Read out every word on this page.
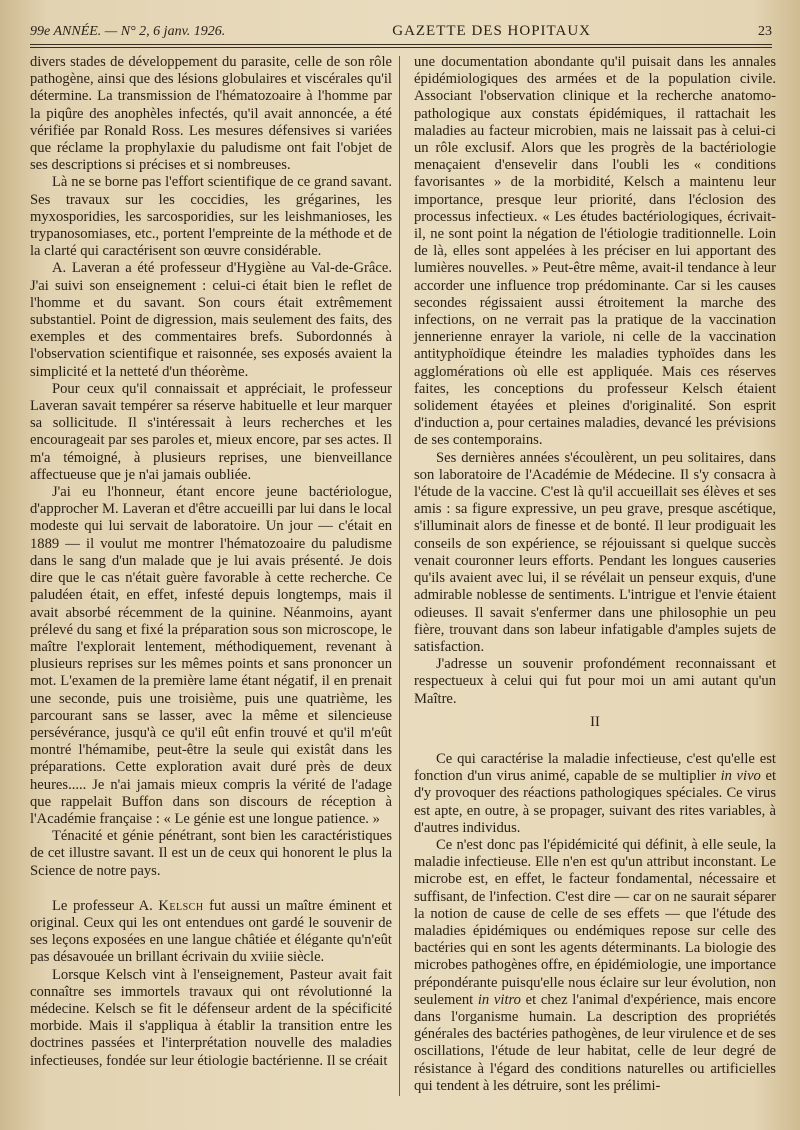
99e ANNÉE. — N° 2, 6 janv. 1926.	GAZETTE DES HOPITAUX	23

divers stades de développement du parasite, celle de son rôle pathogène, ainsi que des lésions globulaires et viscérales qu'il détermine. La transmission de l'hématozoaire à l'homme par la piqûre des anophèles infectés, qu'il avait annoncée, a été vérifiée par Ronald Ross. Les mesures défensives si variées que réclame la prophylaxie du paludisme ont fait l'objet de ses descriptions si précises et si nombreuses.

Là ne se borne pas l'effort scientifique de ce grand savant. Ses travaux sur les coccidies, les grégarines, les myxosporidies, les sarcosporidies, sur les leishmanioses, les trypanosomiases, etc., portent l'empreinte de la méthode et de la clarté qui caractérisent son œuvre considérable.

A. Laveran a été professeur d'Hygiène au Val-de-Grâce. J'ai suivi son enseignement : celui-ci était bien le reflet de l'homme et du savant. Son cours était extrêmement substantiel. Point de digression, mais seulement des faits, des exemples et des commentaires brefs. Subordonnés à l'observation scientifique et raisonnée, ses exposés avaient la simplicité et la netteté d'un théorème.

Pour ceux qu'il connaissait et appréciait, le professeur Laveran savait tempérer sa réserve habituelle et leur marquer sa sollicitude. Il s'intéressait à leurs recherches et les encourageait par ses paroles et, mieux encore, par ses actes. Il m'a témoigné, à plusieurs reprises, une bienveillance affectueuse que je n'ai jamais oubliée.

J'ai eu l'honneur, étant encore jeune bactériologue, d'approcher M. Laveran et d'être accueilli par lui dans le local modeste qui lui servait de laboratoire. Un jour — c'était en 1889 — il voulut me montrer l'hématozoaire du paludisme dans le sang d'un malade que je lui avais présenté. Je dois dire que le cas n'était guère favorable à cette recherche. Ce paludéen était, en effet, infesté depuis longtemps, mais il avait absorbé récemment de la quinine. Néanmoins, ayant prélevé du sang et fixé la préparation sous son microscope, le maître l'explorait lentement, méthodiquement, revenant à plusieurs reprises sur les mêmes points et sans prononcer un mot. L'examen de la première lame étant négatif, il en prenait une seconde, puis une troisième, puis une quatrième, les parcourant sans se lasser, avec la même et silencieuse persévérance, jusqu'à ce qu'il eût enfin trouvé et qu'il m'eût montré l'hémamibe, peut-être la seule qui existât dans les préparations. Cette exploration avait duré près de deux heures..... Je n'ai jamais mieux compris la vérité de l'adage que rappelait Buffon dans son discours de réception à l'Académie française : « Le génie est une longue patience. »

Ténacité et génie pénétrant, sont bien les caractéristiques de cet illustre savant. Il est un de ceux qui honorent le plus la Science de notre pays.

Le professeur A. Kelsch fut aussi un maître éminent et original. Ceux qui les ont entendues ont gardé le souvenir de ses leçons exposées en une langue châtiée et élégante qu'n'eût pas désavouée un brillant écrivain du xviiie siècle.

Lorsque Kelsch vint à l'enseignement, Pasteur avait fait connaître ses immortels travaux qui ont révolutionné la médecine. Kelsch se fit le défenseur ardent de la spécificité morbide. Mais il s'appliqua à établir la transition entre les doctrines passées et l'interprétation nouvelle des maladies infectieuses, fondée sur leur étiologie bactérienne. Il se créait

une documentation abondante qu'il puisait dans les annales épidémiologiques des armées et de la population civile. Associant l'observation clinique et la recherche anatomo-pathologique aux constats épidémiques, il rattachait les maladies au facteur microbien, mais ne laissait pas à celui-ci un rôle exclusif. Alors que les progrès de la bactériologie menaçaient d'ensevelir dans l'oubli les « conditions favorisantes » de la morbidité, Kelsch a maintenu leur importance, presque leur priorité, dans l'éclosion des processus infectieux. « Les études bactériologiques, écrivait-il, ne sont point la négation de l'étiologie traditionnelle. Loin de là, elles sont appelées à les préciser en lui apportant des lumières nouvelles. » Peut-être même, avait-il tendance à leur accorder une influence trop prédominante. Car si les causes secondes régissaient aussi étroitement la marche des infections, on ne verrait pas la pratique de la vaccination jennerienne enrayer la variole, ni celle de la vaccination antityphoïdique éteindre les maladies typhoïdes dans les agglomérations où elle est appliquée. Mais ces réserves faites, les conceptions du professeur Kelsch étaient solidement étayées et pleines d'originalité. Son esprit d'induction a, pour certaines maladies, devancé les prévisions de ses contemporains.

Ses dernières années s'écoulèrent, un peu solitaires, dans son laboratoire de l'Académie de Médecine. Il s'y consacra à l'étude de la vaccine. C'est là qu'il accueillait ses élèves et ses amis : sa figure expressive, un peu grave, presque ascétique, s'illuminait alors de finesse et de bonté. Il leur prodiguait les conseils de son expérience, se réjouissant si quelque succès venait couronner leurs efforts. Pendant les longues causeries qu'ils avaient avec lui, il se révélait un penseur exquis, d'une admirable noblesse de sentiments. L'intrigue et l'envie étaient odieuses. Il savait s'enfermer dans une philosophie un peu fière, trouvant dans son labeur infatigable d'amples sujets de satisfaction.

J'adresse un souvenir profondément reconnaissant et respectueux à celui qui fut pour moi un ami autant qu'un Maître.

II

Ce qui caractérise la maladie infectieuse, c'est qu'elle est fonction d'un virus animé, capable de se multiplier in vivo et d'y provoquer des réactions pathologiques spéciales. Ce virus est apte, en outre, à se propager, suivant des rites variables, à d'autres individus.

Ce n'est donc pas l'épidémicité qui définit, à elle seule, la maladie infectieuse. Elle n'en est qu'un attribut inconstant. Le microbe est, en effet, le facteur fondamental, nécessaire et suffisant, de l'infection. C'est dire — car on ne saurait séparer la notion de cause de celle de ses effets — que l'étude des maladies épidémiques ou endémiques repose sur celle des bactéries qui en sont les agents déterminants. La biologie des microbes pathogènes offre, en épidémiologie, une importance prépondérante puisqu'elle nous éclaire sur leur évolution, non seulement in vitro et chez l'animal d'expérience, mais encore dans l'organisme humain. La description des propriétés générales des bactéries pathogènes, de leur virulence et de ses oscillations, l'étude de leur habitat, celle de leur degré de résistance à l'égard des conditions naturelles ou artificielles qui tendent à les détruire, sont les prélimi-
